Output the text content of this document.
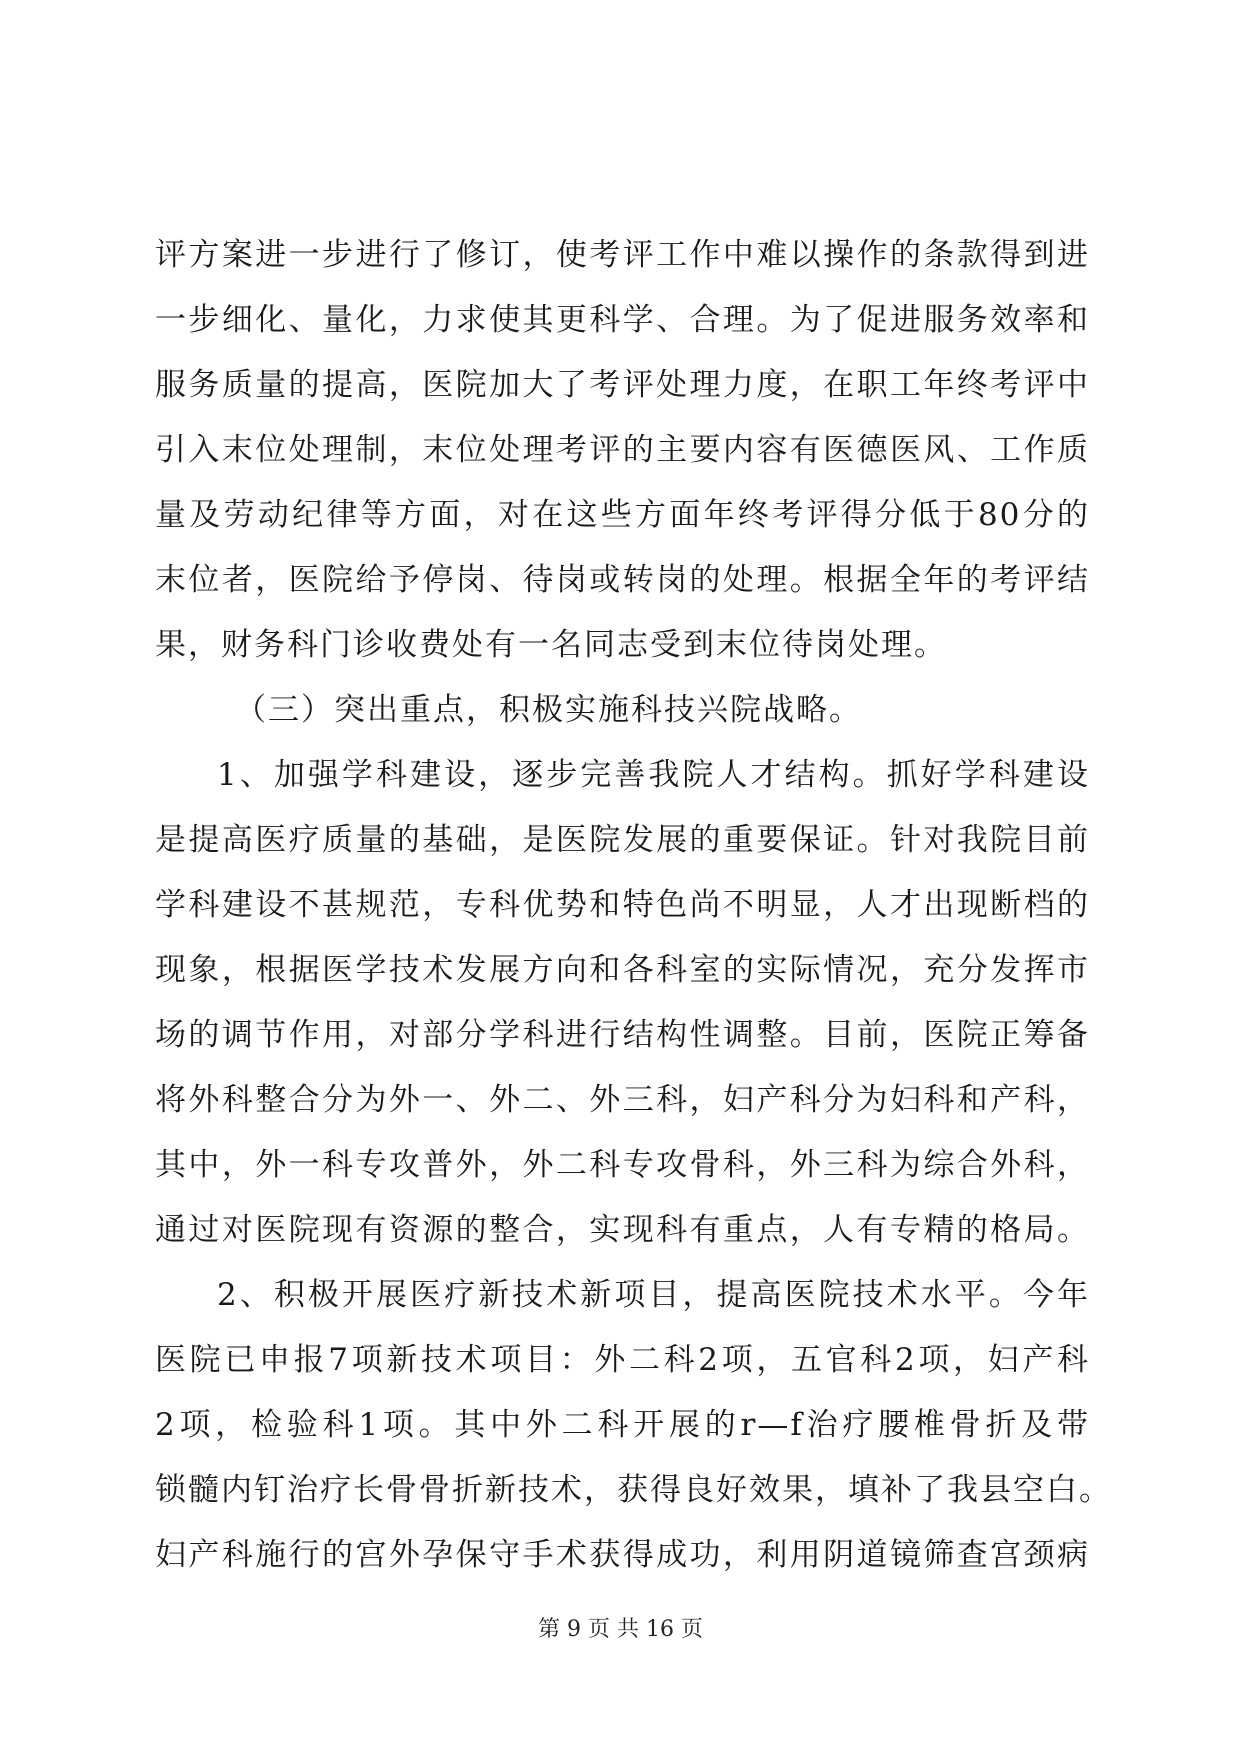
评方案进一步进行了修订，使考评工作中难以操作的条款得到进
一步细化、量化，力求使其更科学、合理。为了促进服务效率和
服务质量的提高，医院加大了考评处理力度，在职工年终考评中
引入末位处理制，末位处理考评的主要内容有医德医风、工作质
量及劳动纪律等方面，对在这些方面年终考评得分低于80分的
末位者，医院给予停岗、待岗或转岗的处理。根据全年的考评结
果，财务科门诊收费处有一名同志受到末位待岗处理。
（三）突出重点，积极实施科技兴院战略。
1、加强学科建设，逐步完善我院人才结构。抓好学科建设
是提高医疗质量的基础，是医院发展的重要保证。针对我院目前
学科建设不甚规范，专科优势和特色尚不明显，人才出现断档的
现象，根据医学技术发展方向和各科室的实际情况，充分发挥市
场的调节作用，对部分学科进行结构性调整。目前，医院正筹备
将外科整合分为外一、外二、外三科，妇产科分为妇科和产科，
其中，外一科专攻普外，外二科专攻骨科，外三科为综合外科，
通过对医院现有资源的整合，实现科有重点，人有专精的格局。
2、积极开展医疗新技术新项目，提高医院技术水平。今年
医院已申报7项新技术项目：外二科2项，五官科2项，妇产科
2项，检验科1项。其中外二科开展的r—f治疗腰椎骨折及带
锁髓内钉治疗长骨骨折新技术，获得良好效果，填补了我县空白。
妇产科施行的宫外孕保守手术获得成功，利用阴道镜筛查宫颈病
第 9 页 共 16 页
